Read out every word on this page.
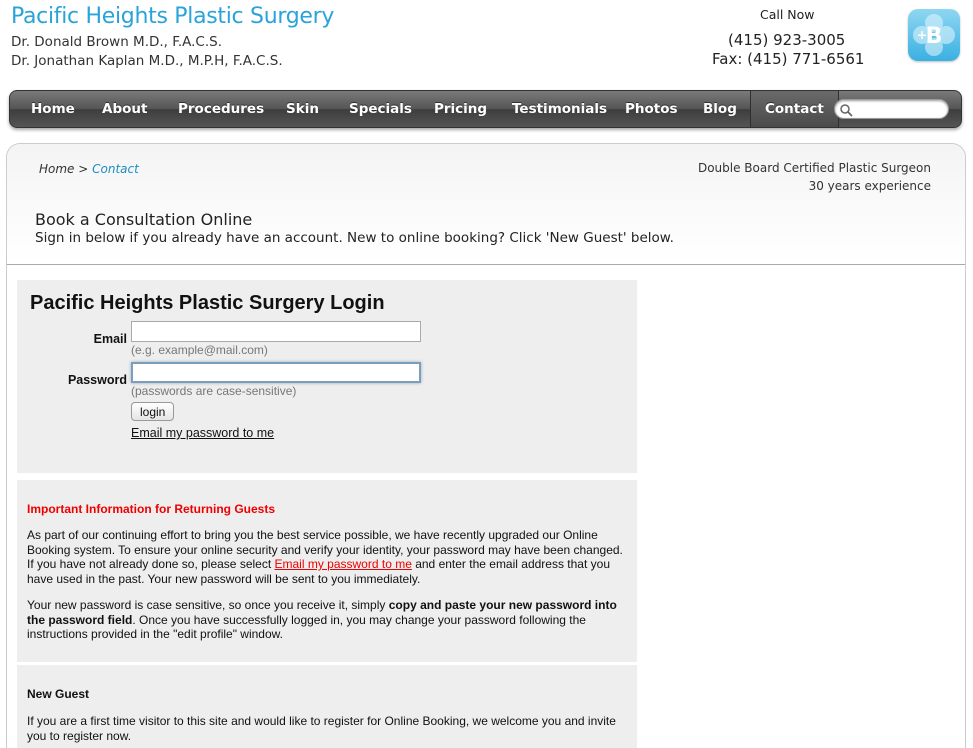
Pacific Heights Plastic Surgery
Dr. Donald Brown M.D., F.A.C.S.
Dr. Jonathan Kaplan M.D., M.P.H, F.A.C.S.
Call Now
(415) 923-3005
Fax: (415) 771-6561
B
+
Home About Procedures Skin Specials Pricing Testimonials Photos Blog	Contact
Home > Contact	Double Board Certified Plastic Surgeon
30 years experience
Book a Consultation Online
Sign in below if you already have an account. New to online booking? Click 'New Guest' below.
Pacific Heights Plastic Surgery Login
Email
(e.g. example@mail.com)
Password
(passwords are case-sensitive)
login
Email my password to me
Important Information for Returning Guests
As part of our continuing effort to bring you the best service possible, we have recently upgraded our Online Booking system. To ensure your online security and verify your identity, your password may have been changed. If you have not already done so, please select Email my password to me and enter the email address that you have used in the past. Your new password will be sent to you immediately.
Your new password is case sensitive, so once you receive it, simply copy and paste your new password into the password field. Once you have successfully logged in, you may change your password following the instructions provided in the "edit profile" window.
New Guest
If you are a first time visitor to this site and would like to register for Online Booking, we welcome you and invite you to register now.
